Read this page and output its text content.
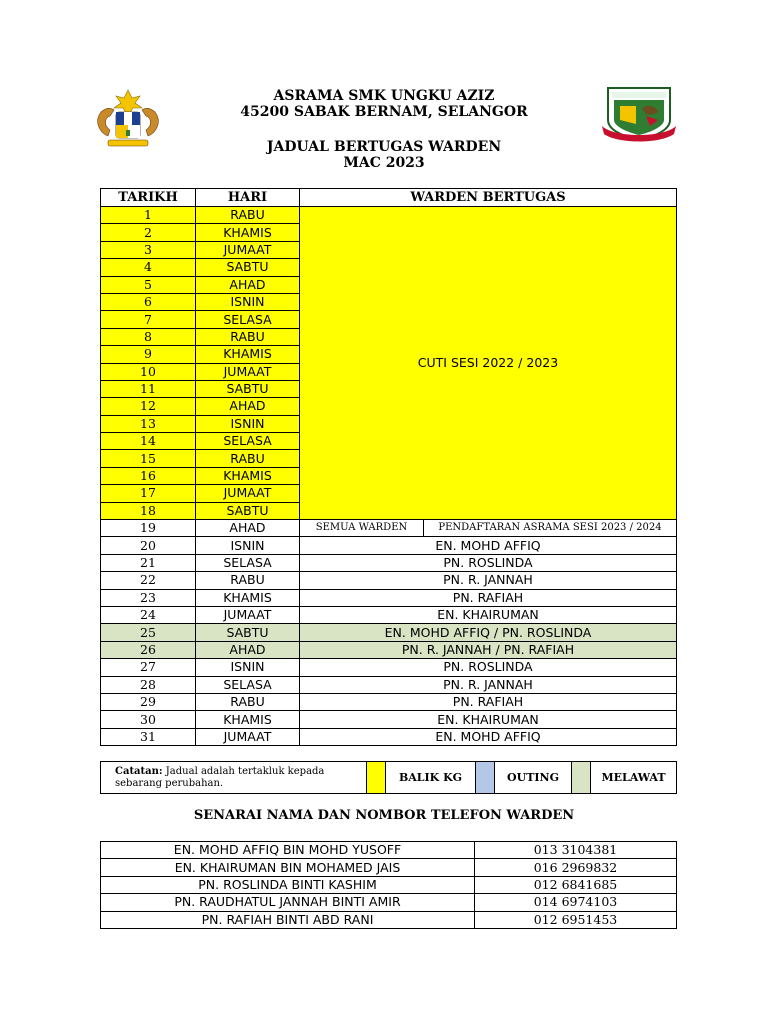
ASRAMA SMK UNGKU AZIZ
45200 SABAK BERNAM, SELANGOR
JADUAL BERTUGAS WARDEN
MAC 2023
TARIKH	HARI	WARDEN BERTUGAS	
1	RABU	CUTI SESI 2022 / 2023	
2	KHAMIS		
3	JUMAAT		
4	SABTU		
5	AHAD		
6	ISNIN		
7	SELASA		
8	RABU		
9	KHAMIS		
10	JUMAAT		
11	SABTU		
12	AHAD		
13	ISNIN		
14	SELASA		
15	RABU		
16	KHAMIS		
17	JUMAAT		
18	SABTU		
19	AHAD	SEMUA WARDEN	PENDAFTARAN ASRAMA SESI 2023 / 2024
20	ISNIN	EN. MOHD AFFIQ	
21	SELASA	PN. ROSLINDA	
22	RABU	PN. R. JANNAH	
23	KHAMIS	PN. RAFIAH	
24	JUMAAT	EN. KHAIRUMAN	
25	SABTU	EN. MOHD AFFIQ / PN. ROSLINDA	
26	AHAD	PN. R. JANNAH / PN. RAFIAH	
27	ISNIN	PN. ROSLINDA	
28	SELASA	PN. R. JANNAH	
29	RABU	PN. RAFIAH	
30	KHAMIS	EN. KHAIRUMAN	
31	JUMAAT	EN. MOHD AFFIQ	
Catatan: Jadual adalah tertakluk kepada sebarang perubahan.		BALIK KG		OUTING		MELAWAT
SENARAI NAMA DAN NOMBOR TELEFON WARDEN
EN. MOHD AFFIQ BIN MOHD YUSOFF	013 3104381
EN. KHAIRUMAN BIN MOHAMED JAIS	016 2969832
PN. ROSLINDA BINTI KASHIM	012 6841685
PN. RAUDHATUL JANNAH BINTI AMIR	014 6974103
PN. RAFIAH BINTI ABD RANI	012 6951453
